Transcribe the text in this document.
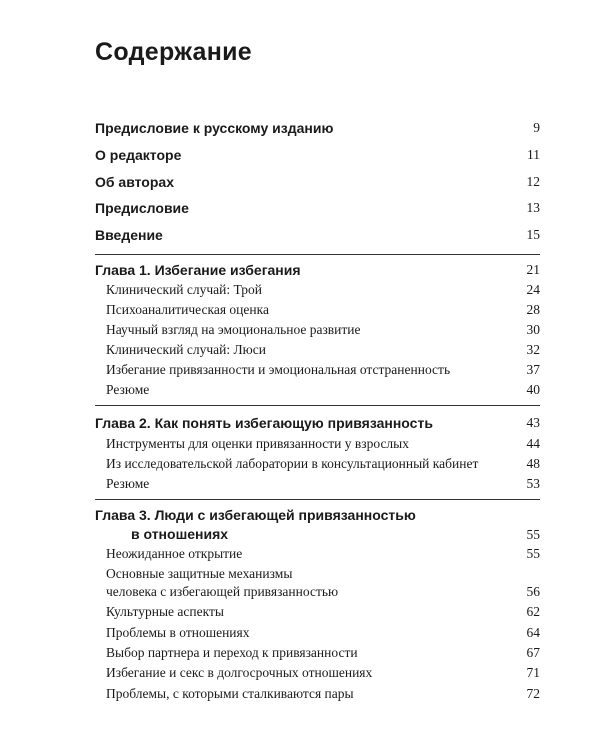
Содержание
Предисловие к русскому изданию	9
О редакторе	11
Об авторах	12
Предисловие	13
Введение	15
Глава 1. Избегание избегания	21
Клинический случай: Трой	24
Психоаналитическая оценка	28
Научный взгляд на эмоциональное развитие	30
Клинический случай: Люси	32
Избегание привязанности и эмоциональная отстраненность	37
Резюме	40
Глава 2. Как понять избегающую привязанность	43
Инструменты для оценки привязанности у взрослых	44
Из исследовательской лаборатории в консультационный кабинет	48
Резюме	53
Глава 3. Люди с избегающей привязанностью
в отношениях	55
Неожиданное открытие	55
Основные защитные механизмы
человека с избегающей привязанностью	56
Культурные аспекты	62
Проблемы в отношениях	64
Выбор партнера и переход к привязанности	67
Избегание и секс в долгосрочных отношениях	71
Проблемы, с которыми сталкиваются пары	72
